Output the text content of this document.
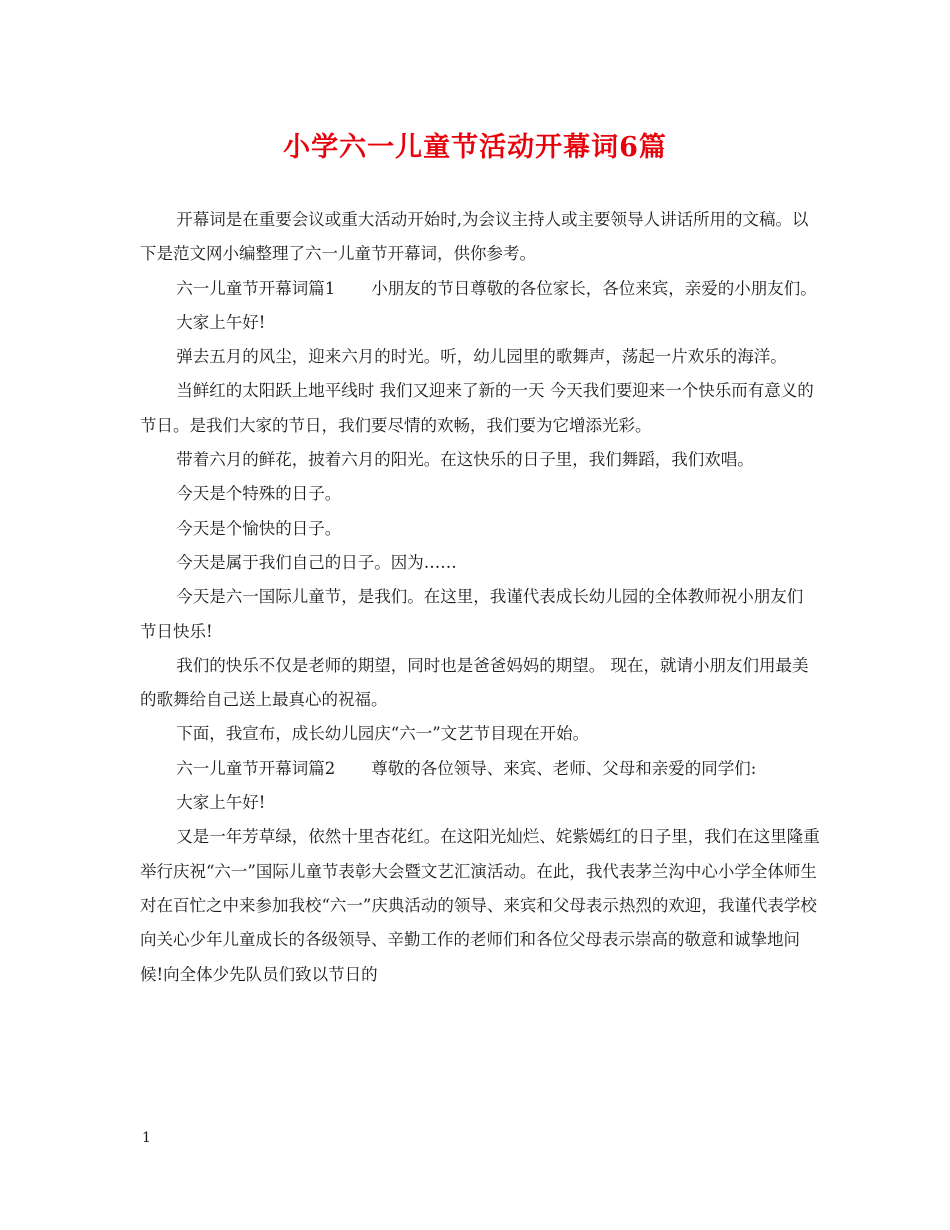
小学六一儿童节活动开幕词6篇

开幕词是在重要会议或重大活动开始时,为会议主持人或主要领导人讲话所用的文稿。以下是范文网小编整理了六一儿童节开幕词，供你参考。

六一儿童节开幕词篇1 小朋友的节日尊敬的各位家长，各位来宾，亲爱的小朋友们。

大家上午好!

弹去五月的风尘，迎来六月的时光。听，幼儿园里的歌舞声，荡起一片欢乐的海洋。

当鲜红的太阳跃上地平线时 我们又迎来了新的一天 今天我们要迎来一个快乐而有意义的节日。是我们大家的节日，我们要尽情的欢畅，我们要为它增添光彩。

带着六月的鲜花，披着六月的阳光。在这快乐的日子里，我们舞蹈，我们欢唱。

今天是个特殊的日子。

今天是个愉快的日子。

今天是属于我们自己的日子。因为……

今天是六一国际儿童节，是我们。在这里，我谨代表成长幼儿园的全体教师祝小朋友们 节日快乐!

我们的快乐不仅是老师的期望，同时也是爸爸妈妈的期望。 现在，就请小朋友们用最美的歌舞给自己送上最真心的祝福。

下面，我宣布，成长幼儿园庆“六一”文艺节目现在开始。

六一儿童节开幕词篇2 尊敬的各位领导、来宾、老师、父母和亲爱的同学们:

大家上午好!

又是一年芳草绿，依然十里杏花红。在这阳光灿烂、姹紫嫣红的日子里，我们在这里隆重举行庆祝“六一”国际儿童节表彰大会暨文艺汇演活动。在此，我代表茅兰沟中心小学全体师生对在百忙之中来参加我校“六一”庆典活动的领导、来宾和父母表示热烈的欢迎，我谨代表学校向关心少年儿童成长的各级领导、辛勤工作的老师们和各位父母表示崇高的敬意和诚挚地问候!向全体少先队员们致以节日的

1
